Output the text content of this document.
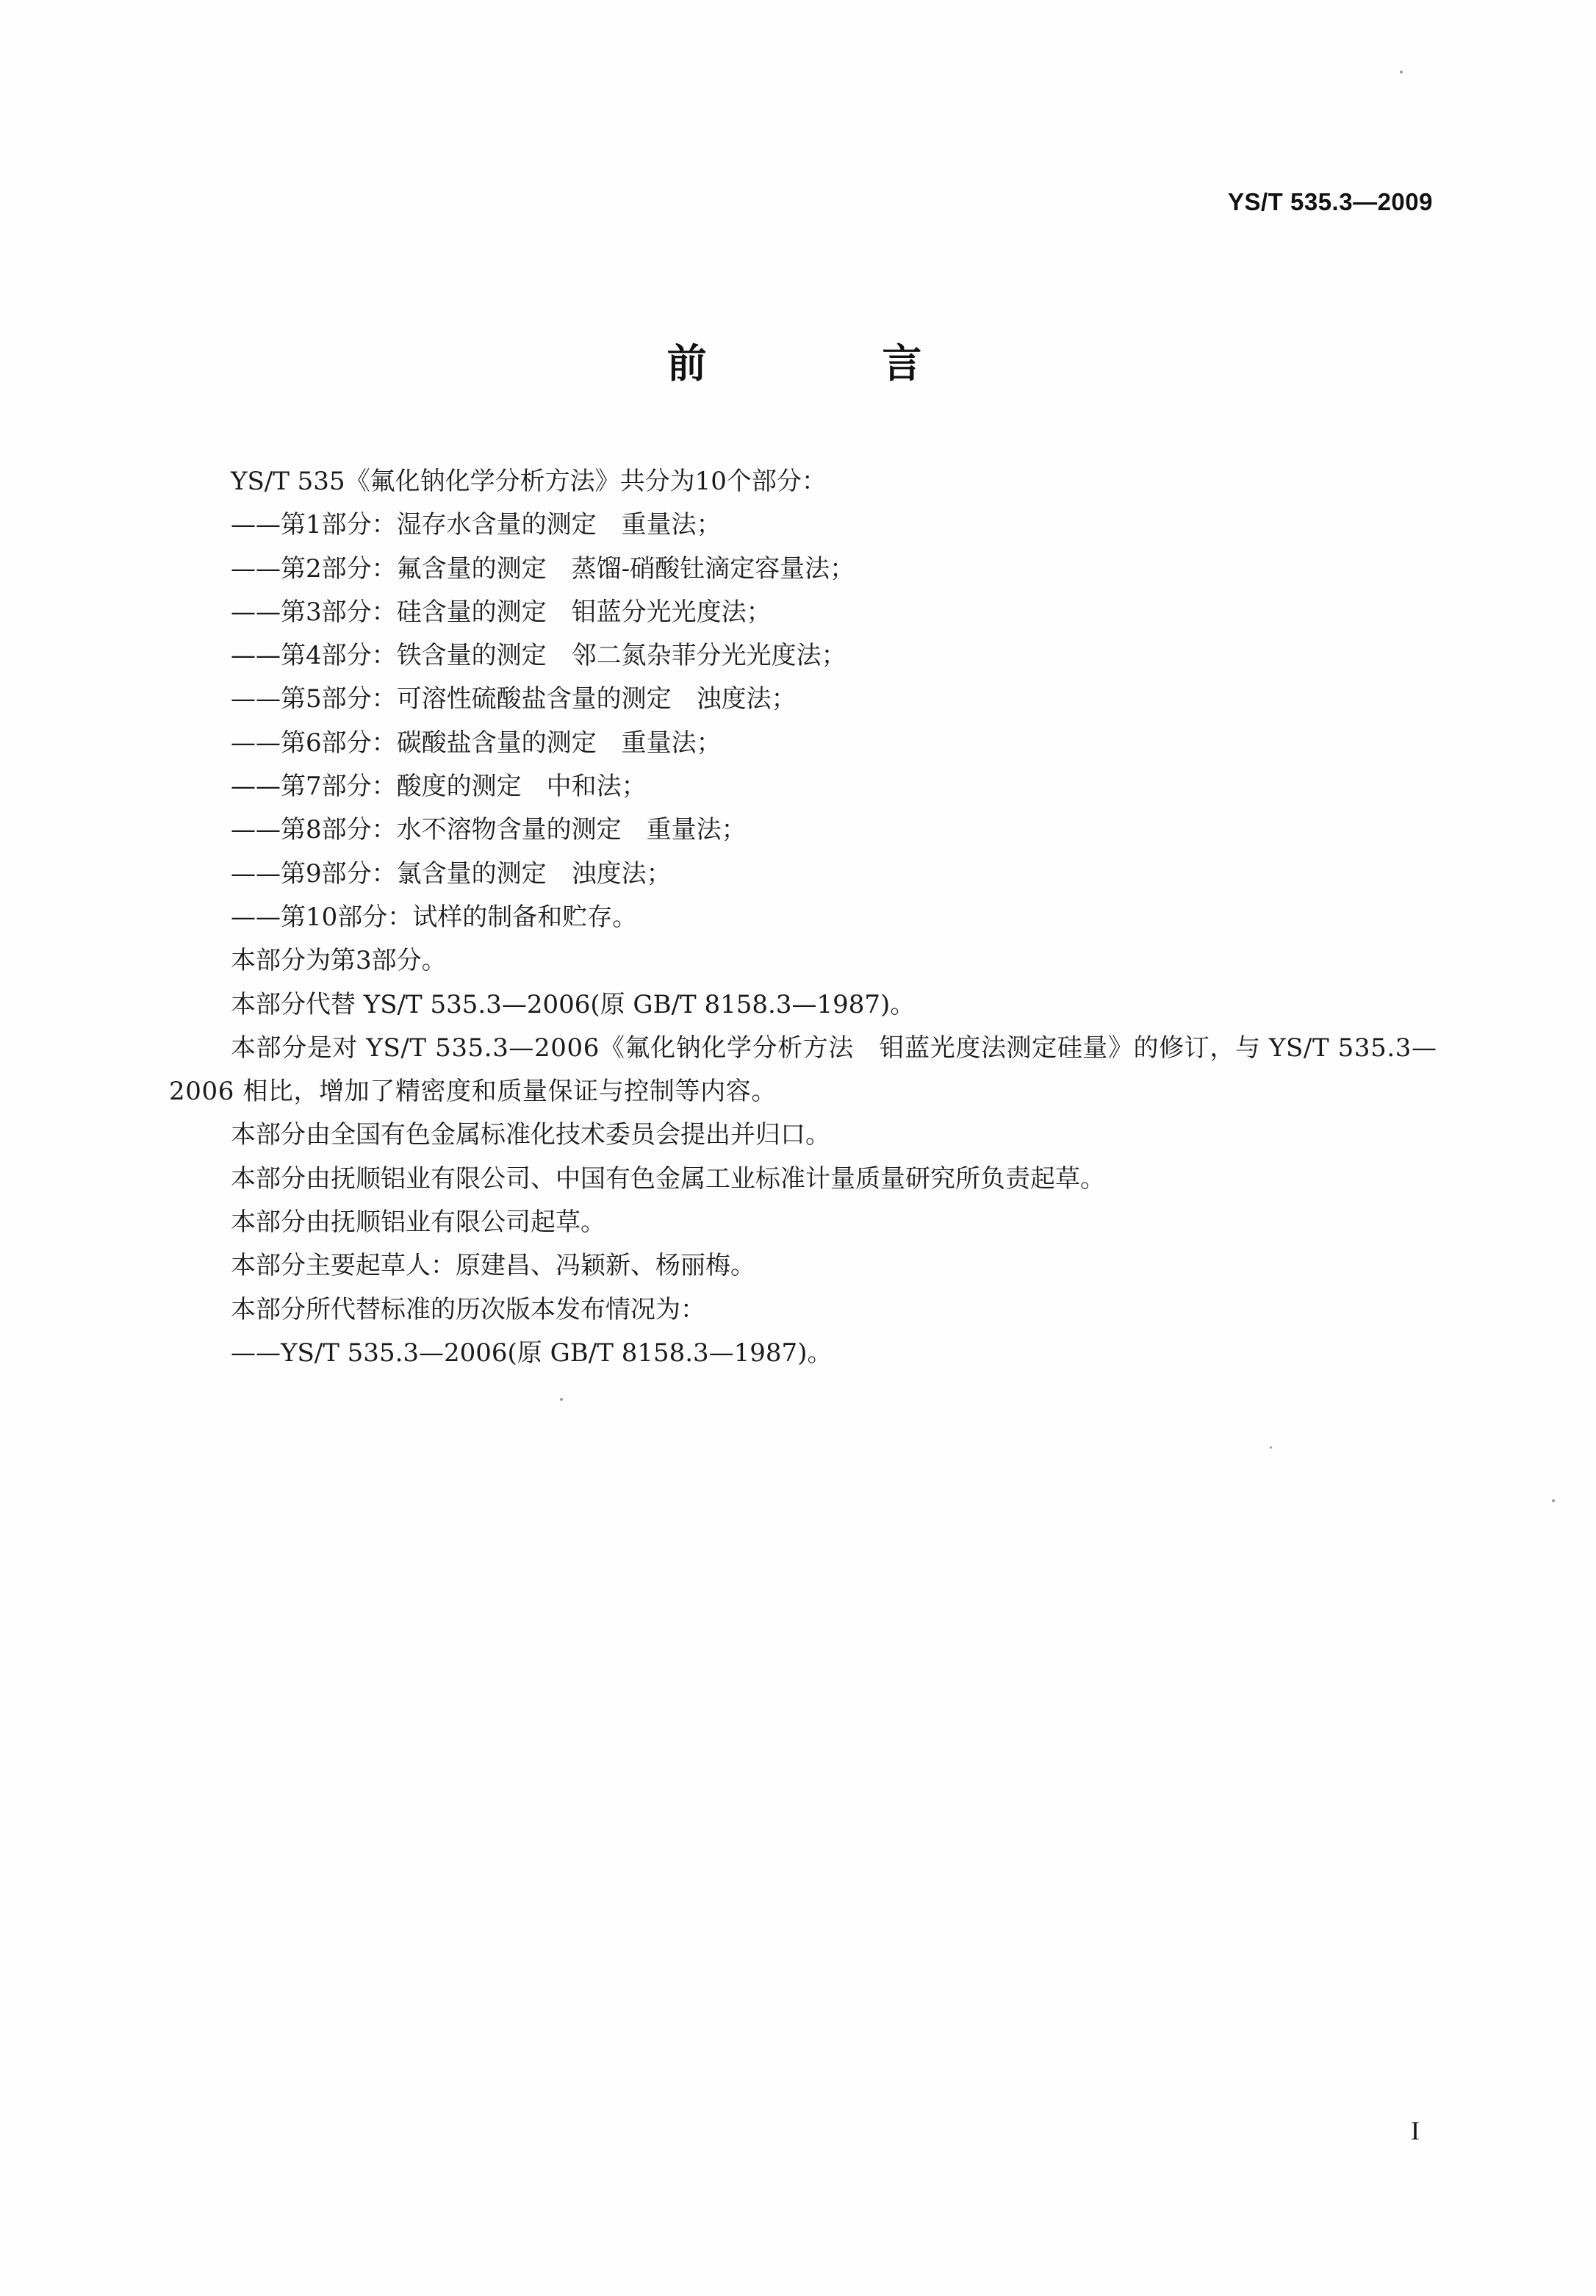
YS/T 535.3—2009
前 言
YS/T 535《氟化钠化学分析方法》共分为10个部分：
——第1部分：湿存水含量的测定　重量法；
——第2部分：氟含量的测定　蒸馏-硝酸钍滴定容量法；
——第3部分：硅含量的测定　钼蓝分光光度法；
——第4部分：铁含量的测定　邻二氮杂菲分光光度法；
——第5部分：可溶性硫酸盐含量的测定　浊度法；
——第6部分：碳酸盐含量的测定　重量法；
——第7部分：酸度的测定　中和法；
——第8部分：水不溶物含量的测定　重量法；
——第9部分：氯含量的测定　浊度法；
——第10部分：试样的制备和贮存。
本部分为第3部分。
本部分代替 YS/T 535.3—2006(原 GB/T 8158.3—1987)。
本部分是对 YS/T 535.3—2006《氟化钠化学分析方法　钼蓝光度法测定硅量》的修订，与 YS/T 535.3—2006 相比，增加了精密度和质量保证与控制等内容。
本部分由全国有色金属标准化技术委员会提出并归口。
本部分由抚顺铝业有限公司、中国有色金属工业标准计量质量研究所负责起草。
本部分由抚顺铝业有限公司起草。
本部分主要起草人：原建昌、冯颖新、杨丽梅。
本部分所代替标准的历次版本发布情况为：
——YS/T 535.3—2006(原 GB/T 8158.3—1987)。
I
